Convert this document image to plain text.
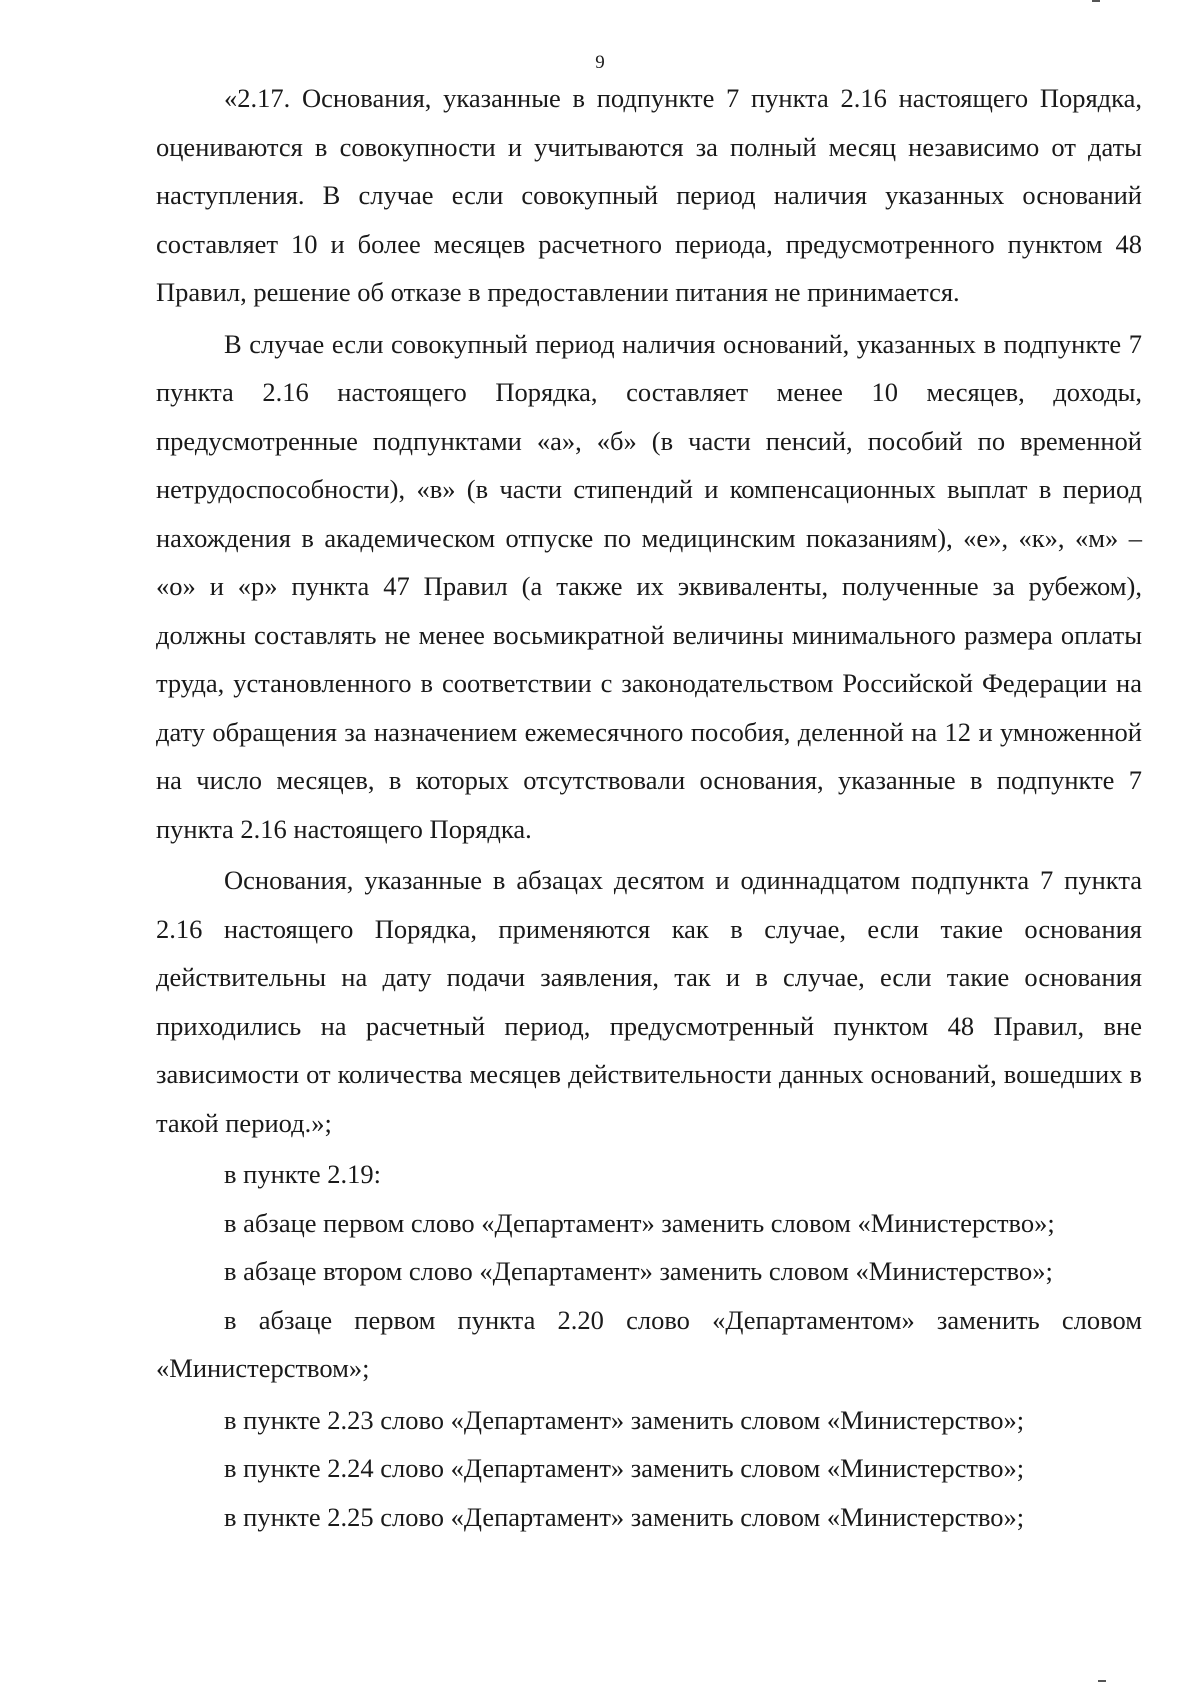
9

«2.17. Основания, указанные в подпункте 7 пункта 2.16 настоящего Порядка, оцениваются в совокупности и учитываются за полный месяц независимо от даты наступления. В случае если совокупный период наличия указанных оснований составляет 10 и более месяцев расчетного периода, предусмотренного пунктом 48 Правил, решение об отказе в предоставлении питания не принимается.

В случае если совокупный период наличия оснований, указанных в подпункте 7 пункта 2.16 настоящего Порядка, составляет менее 10 месяцев, доходы, предусмотренные подпунктами «а», «б» (в части пенсий, пособий по временной нетрудоспособности), «в» (в части стипендий и компенсационных выплат в период нахождения в академическом отпуске по медицинским показаниям), «е», «к», «м» – «о» и «р» пункта 47 Правил (а также их эквиваленты, полученные за рубежом), должны составлять не менее восьмикратной величины минимального размера оплаты труда, установленного в соответствии с законодательством Российской Федерации на дату обращения за назначением ежемесячного пособия, деленной на 12 и умноженной на число месяцев, в которых отсутствовали основания, указанные в подпункте 7 пункта 2.16 настоящего Порядка.

Основания, указанные в абзацах десятом и одиннадцатом подпункта 7 пункта 2.16 настоящего Порядка, применяются как в случае, если такие основания действительны на дату подачи заявления, так и в случае, если такие основания приходились на расчетный период, предусмотренный пунктом 48 Правил, вне зависимости от количества месяцев действительности данных оснований, вошедших в такой период.»;

в пункте 2.19:

в абзаце первом слово «Департамент» заменить словом «Министерство»;

в абзаце втором слово «Департамент» заменить словом «Министерство»;

в абзаце первом пункта 2.20 слово «Департаментом» заменить словом «Министерством»;

в пункте 2.23 слово «Департамент» заменить словом «Министерство»;

в пункте 2.24 слово «Департамент» заменить словом «Министерство»;

в пункте 2.25 слово «Департамент» заменить словом «Министерство»;
